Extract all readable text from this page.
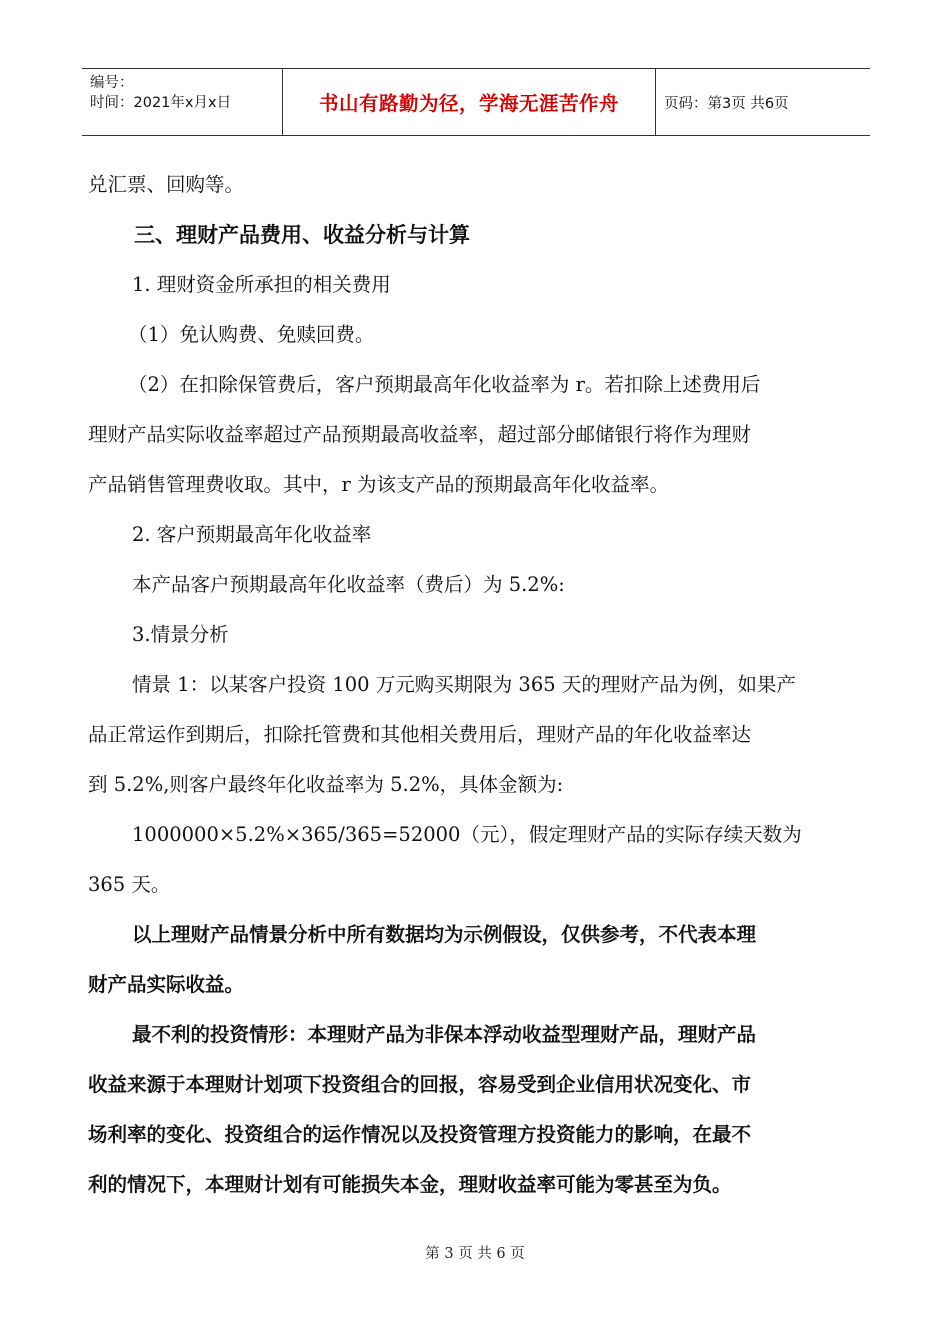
编号：
时间：2021年x月x日	书山有路勤为径，学海无涯苦作舟	页码：第3页 共6页
兑汇票、回购等。
三、理财产品费用、收益分析与计算
1. 理财资金所承担的相关费用
（1）免认购费、免赎回费。
（2）在扣除保管费后，客户预期最高年化收益率为 r。若扣除上述费用后
理财产品实际收益率超过产品预期最高收益率，超过部分邮储银行将作为理财
产品销售管理费收取。其中，r 为该支产品的预期最高年化收益率。
2. 客户预期最高年化收益率
本产品客户预期最高年化收益率（费后）为 5.2%:
3.情景分析
情景 1：以某客户投资 100 万元购买期限为 365 天的理财产品为例，如果产
品正常运作到期后，扣除托管费和其他相关费用后，理财产品的年化收益率达
到 5.2%,则客户最终年化收益率为 5.2%，具体金额为:
1000000×5.2%×365/365=52000（元），假定理财产品的实际存续天数为
365 天。
以上理财产品情景分析中所有数据均为示例假设，仅供参考，不代表本理
财产品实际收益。
最不利的投资情形：本理财产品为非保本浮动收益型理财产品，理财产品
收益来源于本理财计划项下投资组合的回报，容易受到企业信用状况变化、市
场利率的变化、投资组合的运作情况以及投资管理方投资能力的影响，在最不
利的情况下，本理财计划有可能损失本金，理财收益率可能为零甚至为负。
第 3 页 共 6 页
